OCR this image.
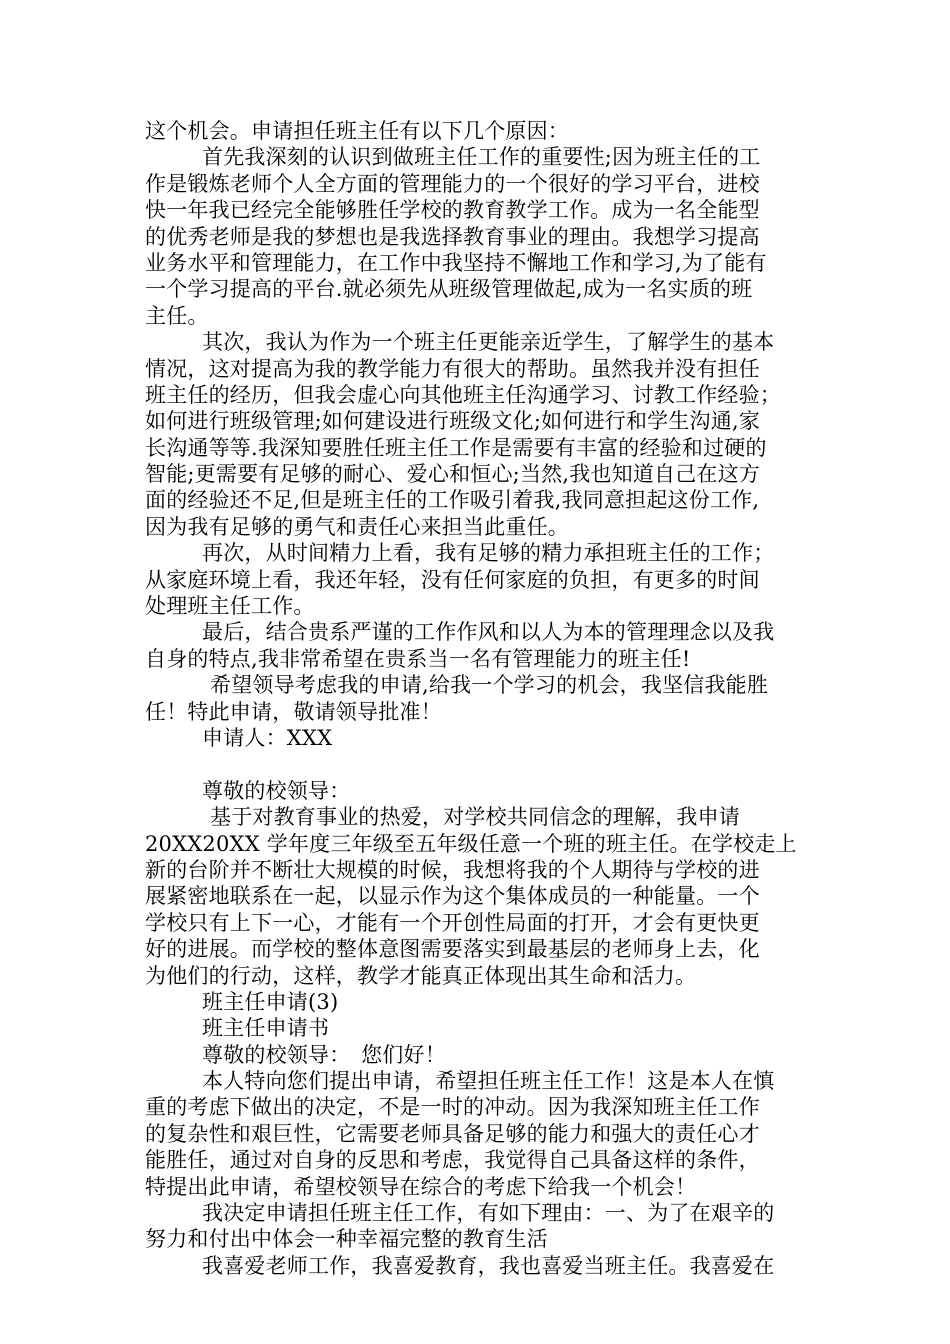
这个机会。申请担任班主任有以下几个原因：
首先我深刻的认识到做班主任工作的重要性;因为班主任的工
作是锻炼老师个人全方面的管理能力的一个很好的学习平台，进校
快一年我已经完全能够胜任学校的教育教学工作。成为一名全能型
的优秀老师是我的梦想也是我选择教育事业的理由。我想学习提高
业务水平和管理能力，在工作中我坚持不懈地工作和学习,为了能有
一个学习提高的平台.就必须先从班级管理做起,成为一名实质的班
主任。
其次，我认为作为一个班主任更能亲近学生，了解学生的基本
情况，这对提高为我的教学能力有很大的帮助。虽然我并没有担任
班主任的经历，但我会虚心向其他班主任沟通学习、讨教工作经验；
如何进行班级管理;如何建设进行班级文化;如何进行和学生沟通,家
长沟通等等.我深知要胜任班主任工作是需要有丰富的经验和过硬的
智能;更需要有足够的耐心、爱心和恒心;当然,我也知道自己在这方
面的经验还不足,但是班主任的工作吸引着我,我同意担起这份工作,
因为我有足够的勇气和责任心来担当此重任。
再次，从时间精力上看，我有足够的精力承担班主任的工作；
从家庭环境上看，我还年轻，没有任何家庭的负担，有更多的时间
处理班主任工作。
最后，结合贵系严谨的工作作风和以人为本的管理理念以及我
自身的特点,我非常希望在贵系当一名有管理能力的班主任!
希望领导考虑我的申请,给我一个学习的机会，我坚信我能胜
任！特此申请，敬请领导批准！
申请人：XXX
尊敬的校领导：
基于对教育事业的热爱，对学校共同信念的理解，我申请
20XX20XX 学年度三年级至五年级任意一个班的班主任。在学校走上
新的台阶并不断壮大规模的时候，我想将我的个人期待与学校的进
展紧密地联系在一起，以显示作为这个集体成员的一种能量。一个
学校只有上下一心，才能有一个开创性局面的打开，才会有更快更
好的进展。而学校的整体意图需要落实到最基层的老师身上去，化
为他们的行动，这样，教学才能真正体现出其生命和活力。
班主任申请(3)
班主任申请书
尊敬的校领导：　您们好！
本人特向您们提出申请，希望担任班主任工作！这是本人在慎
重的考虑下做出的决定，不是一时的冲动。因为我深知班主任工作
的复杂性和艰巨性，它需要老师具备足够的能力和强大的责任心才
能胜任，通过对自身的反思和考虑，我觉得自己具备这样的条件，
特提出此申请，希望校领导在综合的考虑下给我一个机会！
我决定申请担任班主任工作，有如下理由：一、为了在艰辛的
努力和付出中体会一种幸福完整的教育生活
我喜爱老师工作，我喜爱教育，我也喜爱当班主任。我喜爱在
